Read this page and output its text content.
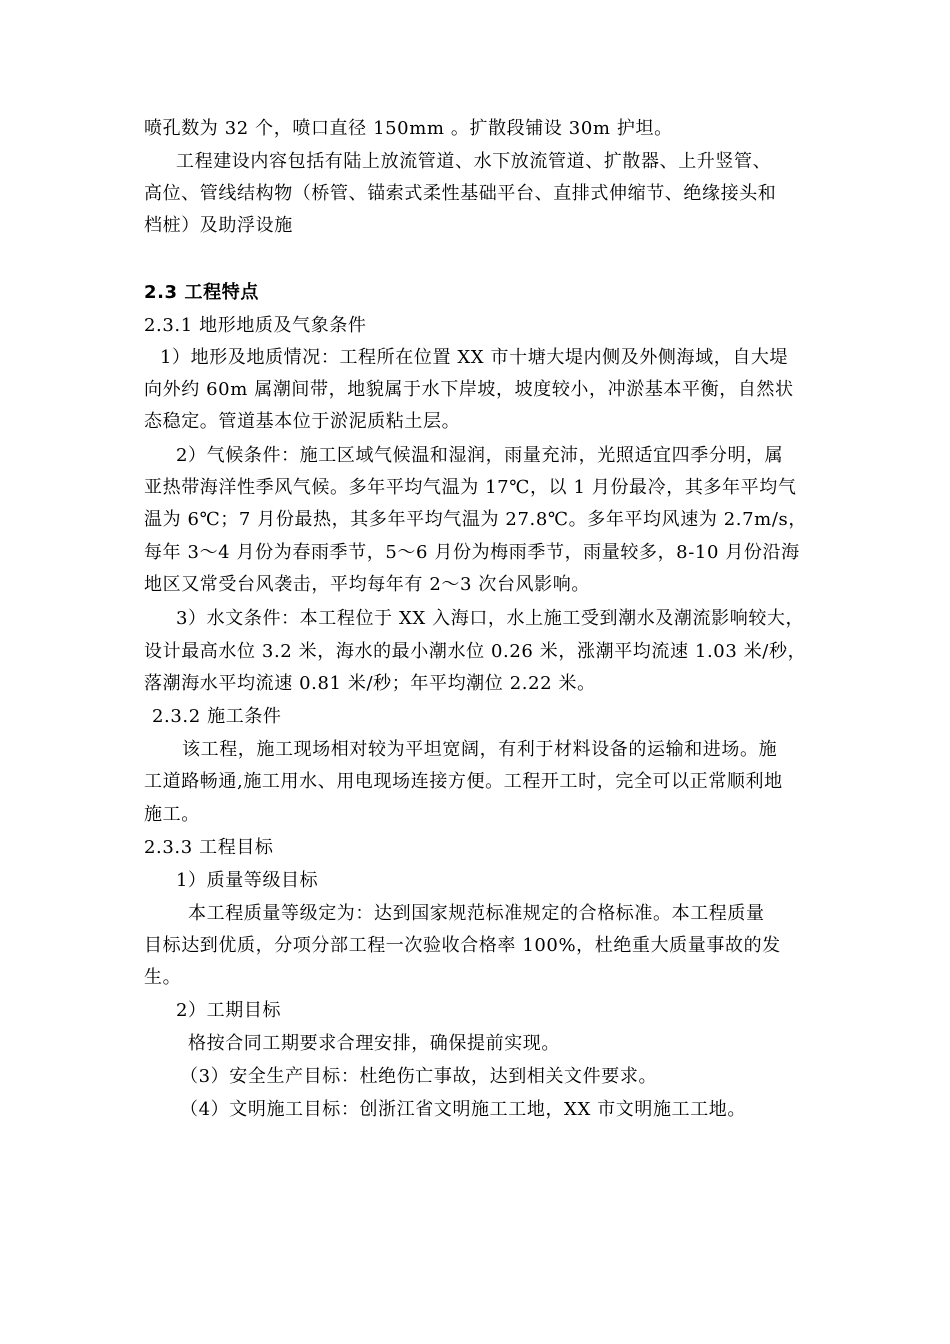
喷孔数为 32 个，喷口直径 150mm 。扩散段铺设 30m 护坦。
工程建设内容包括有陆上放流管道、水下放流管道、扩散器、上升竖管、
高位、管线结构物（桥管、锚索式柔性基础平台、直排式伸缩节、绝缘接头和
档桩）及助浮设施
2.3 工程特点
2.3.1 地形地质及气象条件
1）地形及地质情况：工程所在位置 XX 市十塘大堤内侧及外侧海域，自大堤
向外约 60m 属潮间带，地貌属于水下岸坡，坡度较小，冲淤基本平衡，自然状
态稳定。管道基本位于淤泥质粘土层。
2）气候条件：施工区域气候温和湿润，雨量充沛，光照适宜四季分明，属
亚热带海洋性季风气候。多年平均气温为 17℃，以 1 月份最冷，其多年平均气
温为 6℃；7 月份最热，其多年平均气温为 27.8℃。多年平均风速为 2.7m/s，
每年 3～4 月份为春雨季节，5～6 月份为梅雨季节，雨量较多，8-10 月份沿海
地区又常受台风袭击，平均每年有 2～3 次台风影响。
3）水文条件：本工程位于 XX 入海口，水上施工受到潮水及潮流影响较大，
设计最高水位 3.2 米，海水的最小潮水位 0.26 米，涨潮平均流速 1.03 米/秒，
落潮海水平均流速 0.81 米/秒；年平均潮位 2.22 米。
2.3.2 施工条件
该工程，施工现场相对较为平坦宽阔，有利于材料设备的运输和进场。施
工道路畅通,施工用水、用电现场连接方便。工程开工时，完全可以正常顺利地
施工。
2.3.3 工程目标
1）质量等级目标
本工程质量等级定为：达到国家规范标准规定的合格标准。本工程质量
目标达到优质，分项分部工程一次验收合格率 100%，杜绝重大质量事故的发
生。
2）工期目标
格按合同工期要求合理安排，确保提前实现。
（3）安全生产目标：杜绝伤亡事故，达到相关文件要求。
（4）文明施工目标：创浙江省文明施工工地，XX 市文明施工工地。
